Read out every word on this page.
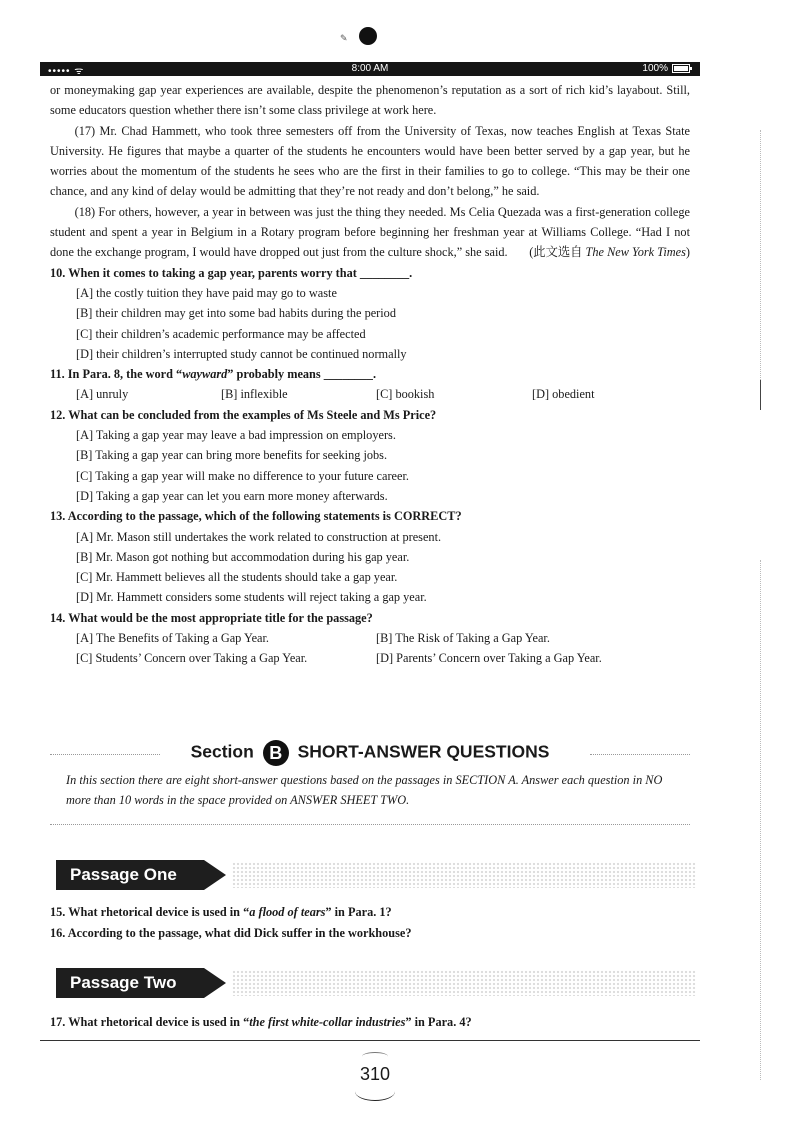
✎
••••• ᯤ	8:00 AM	100%

or moneymaking gap year experiences are available, despite the phenomenon’s reputation as a sort of rich kid’s layabout. Still, some educators question whether there isn’t some class privilege at work here.

(17) Mr. Chad Hammett, who took three semesters off from the University of Texas, now teaches English at Texas State University. He figures that maybe a quarter of the students he encounters would have been better served by a gap year, but he worries about the momentum of the students he sees who are the first in their families to go to college. “This may be their one chance, and any kind of delay would be admitting that they’re not ready and don’t belong,” he said.

(18) For others, however, a year in between was just the thing they needed. Ms Celia Quezada was a first-generation college student and spent a year in Belgium in a Rotary program before beginning her freshman year at Williams College. “Had I not done the exchange program, I would have dropped out just from the culture shock,” she said.	(此文选自 The New York Times)

10. When it comes to taking a gap year, parents worry that ________.

[A] the costly tuition they have paid may go to waste

[B] their children may get into some bad habits during the period

[C] their children’s academic performance may be affected

[D] their children’s interrupted study cannot be continued normally

11. In Para. 8, the word “wayward” probably means ________.

[A] unruly	[B] inflexible	[C] bookish	[D] obedient

12. What can be concluded from the examples of Ms Steele and Ms Price?

[A] Taking a gap year may leave a bad impression on employers.

[B] Taking a gap year can bring more benefits for seeking jobs.

[C] Taking a gap year will make no difference to your future career.

[D] Taking a gap year can let you earn more money afterwards.

13. According to the passage, which of the following statements is CORRECT?

[A] Mr. Mason still undertakes the work related to construction at present.

[B] Mr. Mason got nothing but accommodation during his gap year.

[C] Mr. Hammett believes all the students should take a gap year.

[D] Mr. Hammett considers some students will reject taking a gap year.

14. What would be the most appropriate title for the passage?

[A] The Benefits of Taking a Gap Year.	[B] The Risk of Taking a Gap Year.
[C] Students’ Concern over Taking a Gap Year.	[D] Parents’ Concern over Taking a Gap Year.
Section B SHORT-ANSWER QUESTIONS
In this section there are eight short-answer questions based on the passages in SECTION A. Answer each question in NO more than 10 words in the space provided on ANSWER SHEET TWO.
Passage One

15. What rhetorical device is used in “a flood of tears” in Para. 1?

16. According to the passage, what did Dick suffer in the workhouse?

Passage Two

17. What rhetorical device is used in “the first white-collar industries” in Para. 4?

310
